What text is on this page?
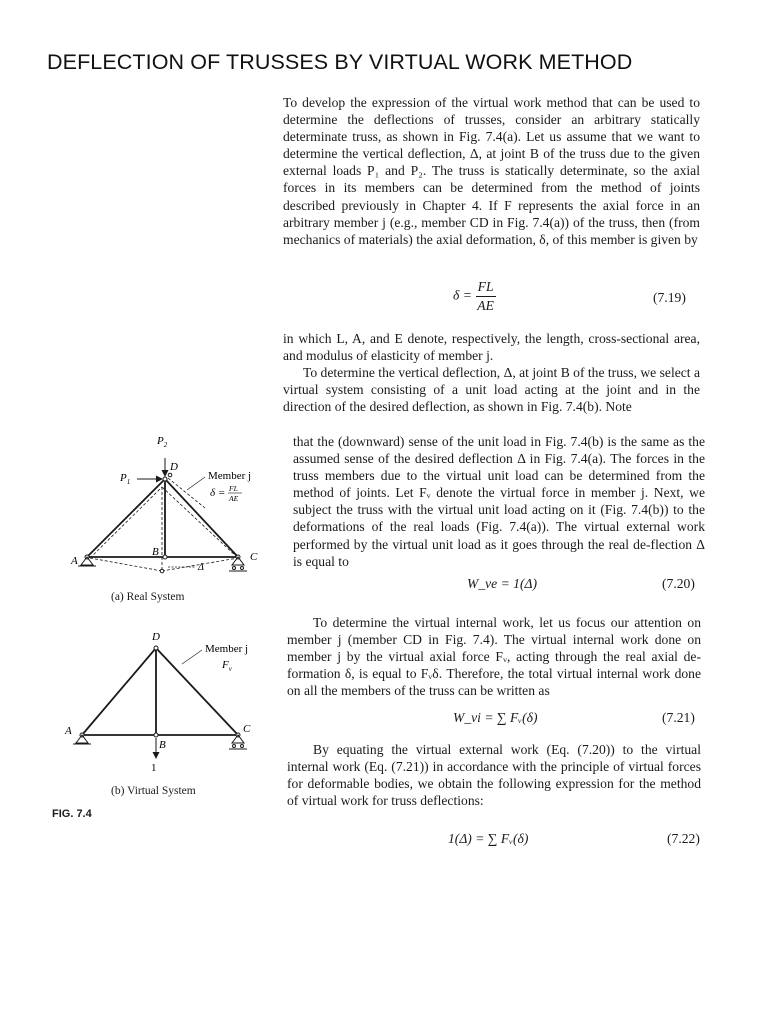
DEFLECTION OF TRUSSES BY VIRTUAL WORK METHOD

To develop the expression of the virtual work method that can be used to determine the deflections of trusses, consider an arbitrary statically determinate truss, as shown in Fig. 7.4(a). Let us assume that we want to determine the vertical deflection, Δ, at joint B of the truss due to the given external loads P₁ and P₂. The truss is statically determinate, so the axial forces in its members can be determined from the method of joints described previously in Chapter 4. If F represents the axial force in an arbitrary member j (e.g., member CD in Fig. 7.4(a)) of the truss, then (from mechanics of materials) the axial deformation, δ, of this member is given by

$\delta = \frac{FL}{AE}$	(7.19)

in which L, A, and E denote, respectively, the length, cross-sectional area, and modulus of elasticity of member j.

To determine the vertical deflection, Δ, at joint B of the truss, we select a virtual system consisting of a unit load acting at the joint and in the direction of the desired deflection, as shown in Fig. 7.4(b). Note

that the (downward) sense of the unit load in Fig. 7.4(b) is the same as the assumed sense of the desired deflection Δ in Fig. 7.4(a). The forces in the truss members due to the virtual unit load can be determined from the method of joints. Let Fᵥ denote the virtual force in member j. Next, we subject the truss with the virtual unit load acting on it (Fig. 7.4(b)) to the deformations of the real loads (Fig. 7.4(a)). The virtual external work performed by the virtual unit load as it goes through the real de-flection Δ is equal to

W_ve = 1(Δ)	(7.20)

To determine the virtual internal work, let us focus our attention on member j (member CD in Fig. 7.4). The virtual internal work done on member j by the virtual axial force Fᵥ, acting through the real axial de-formation δ, is equal to Fᵥδ. Therefore, the total virtual internal work done on all the members of the truss can be written as

W_vi = ∑ Fᵥ(δ)	(7.21)

By equating the virtual external work (Eq. (7.20)) to the virtual internal work (Eq. (7.21)) in accordance with the principle of virtual forces for deformable bodies, we obtain the following expression for the method of virtual work for truss deflections:

1(Δ) = ∑ Fᵥ(δ)	(7.22)
$P_2$
$P_1$
D
A
B	C
Δ
Member j
δ = FL
AE
(a) Real System
D
A
B
C
1
Member j
$F_v$
(b) Virtual System
FIG. 7.4
